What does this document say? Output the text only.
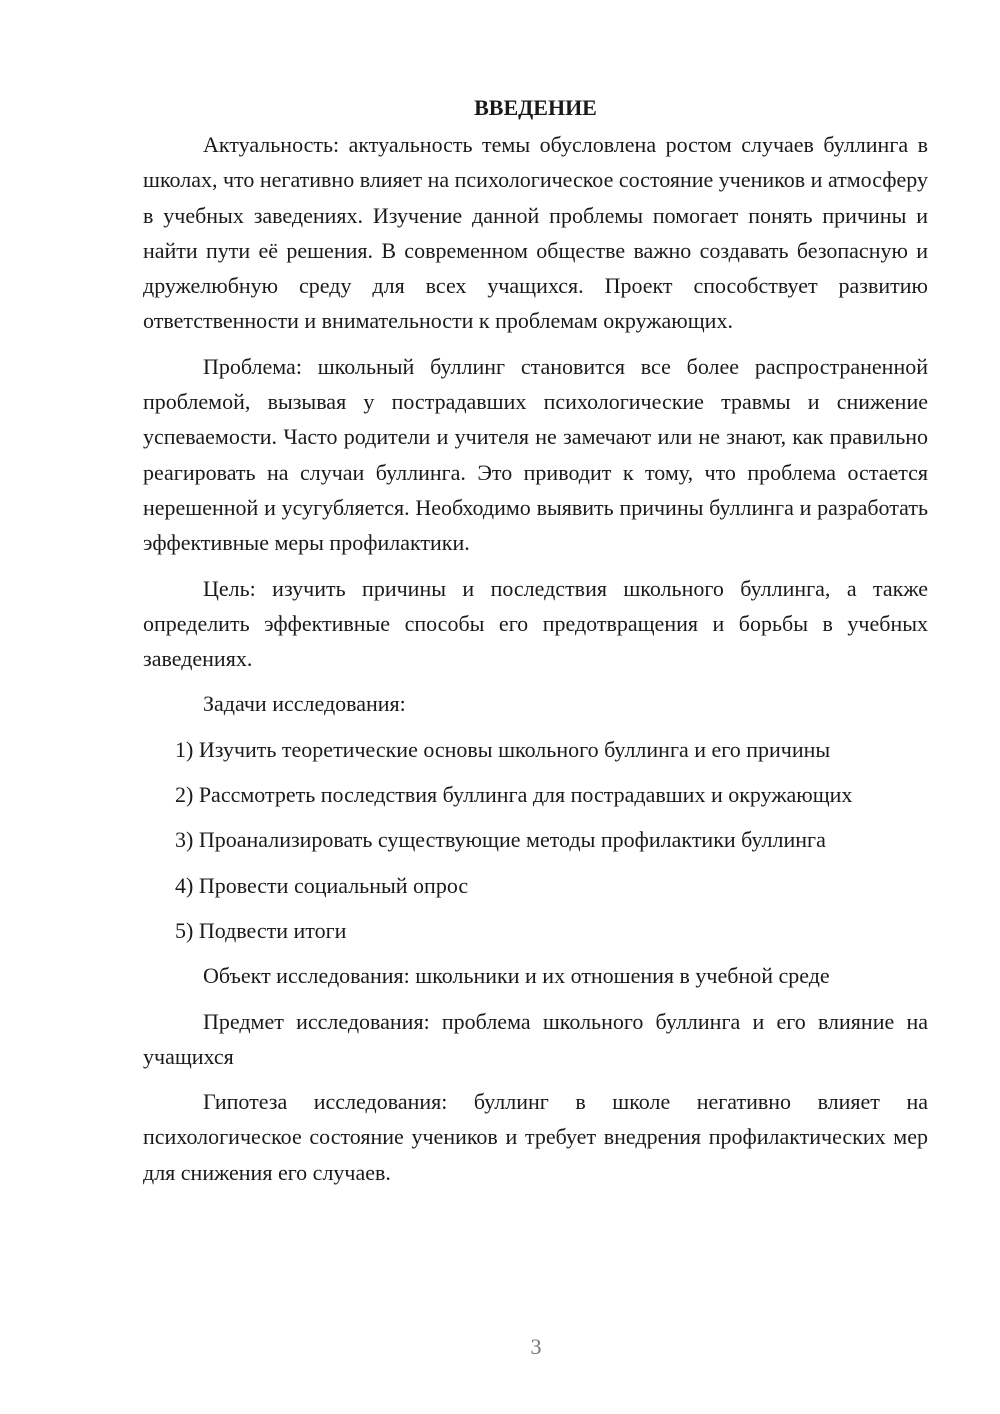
ВВЕДЕНИЕ
Актуальность: актуальность темы обусловлена ростом случаев буллинга в школах, что негативно влияет на психологическое состояние учеников и атмосферу в учебных заведениях. Изучение данной проблемы помогает понять причины и найти пути её решения. В современном обществе важно создавать безопасную и дружелюбную среду для всех учащихся. Проект способствует развитию ответственности и внимательности к проблемам окружающих.
Проблема: школьный буллинг становится все более распространенной проблемой, вызывая у пострадавших психологические травмы и снижение успеваемости. Часто родители и учителя не замечают или не знают, как правильно реагировать на случаи буллинга. Это приводит к тому, что проблема остается нерешенной и усугубляется. Необходимо выявить причины буллинга и разработать эффективные меры профилактики.
Цель: изучить причины и последствия школьного буллинга, а также определить эффективные способы его предотвращения и борьбы в учебных заведениях.
Задачи исследования:
1) Изучить теоретические основы школьного буллинга и его причины
2) Рассмотреть последствия буллинга для пострадавших и окружающих
3) Проанализировать существующие методы профилактики буллинга
4) Провести социальный опрос
5) Подвести итоги
Объект исследования: школьники и их отношения в учебной среде
Предмет исследования: проблема школьного буллинга и его влияние на учащихся
Гипотеза исследования: буллинг в школе негативно влияет на психологическое состояние учеников и требует внедрения профилактических мер для снижения его случаев.
3
